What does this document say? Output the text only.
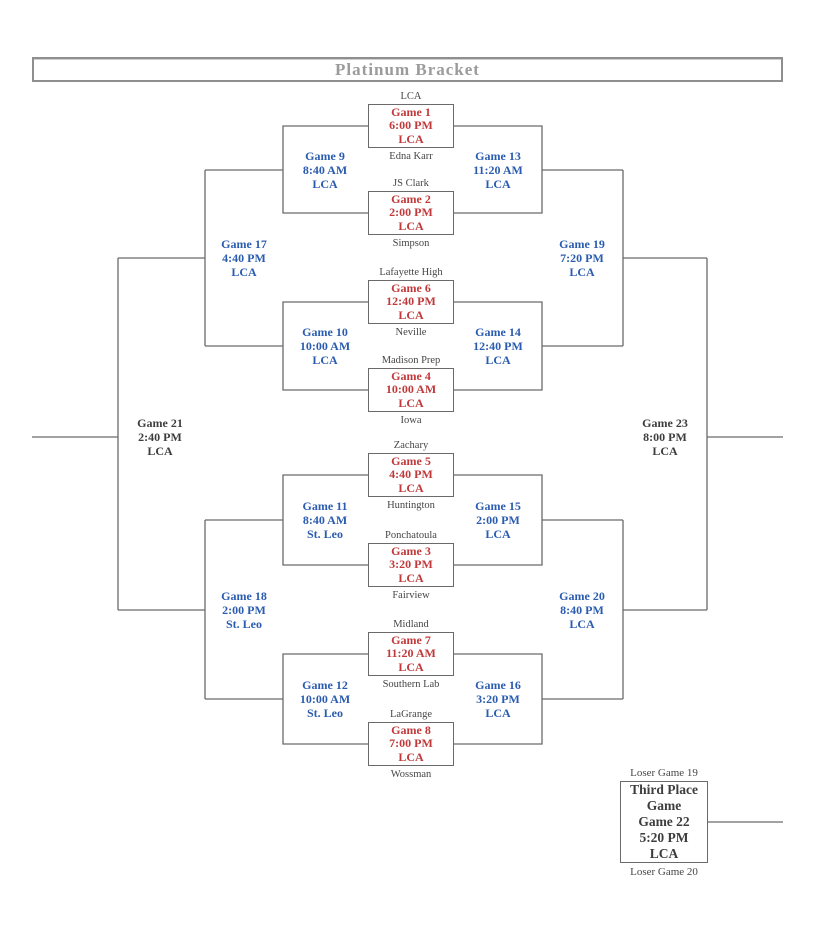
Platinum Bracket
LCA
Game 1
6:00 PM
LCA
Edna Karr
JS Clark
Game 2
2:00 PM
LCA
Simpson
Lafayette High
Game 6
12:40 PM
LCA
Neville
Madison Prep
Game 4
10:00 AM
LCA
Iowa
Zachary
Game 5
4:40 PM
LCA
Huntington
Ponchatoula
Game 3
3:20 PM
LCA
Fairview
Midland
Game 7
11:20 AM
LCA
Southern Lab
LaGrange
Game 8
7:00 PM
LCA
Wossman
Game 9
8:40 AM
LCA
Game 13
11:20 AM
LCA
Game 10
10:00 AM
LCA
Game 14
12:40 PM
LCA
Game 17
4:40 PM
LCA
Game 19
7:20 PM
LCA
Game 11
8:40 AM
St. Leo
Game 15
2:00 PM
LCA
Game 12
10:00 AM
St. Leo
Game 16
3:20 PM
LCA
Game 18
2:00 PM
St. Leo
Game 20
8:40 PM
LCA
Game 21
2:40 PM
LCA
Game 23
8:00 PM
LCA
Loser Game 19
Third Place
Game
Game 22
5:20 PM
LCA
Loser Game 20
